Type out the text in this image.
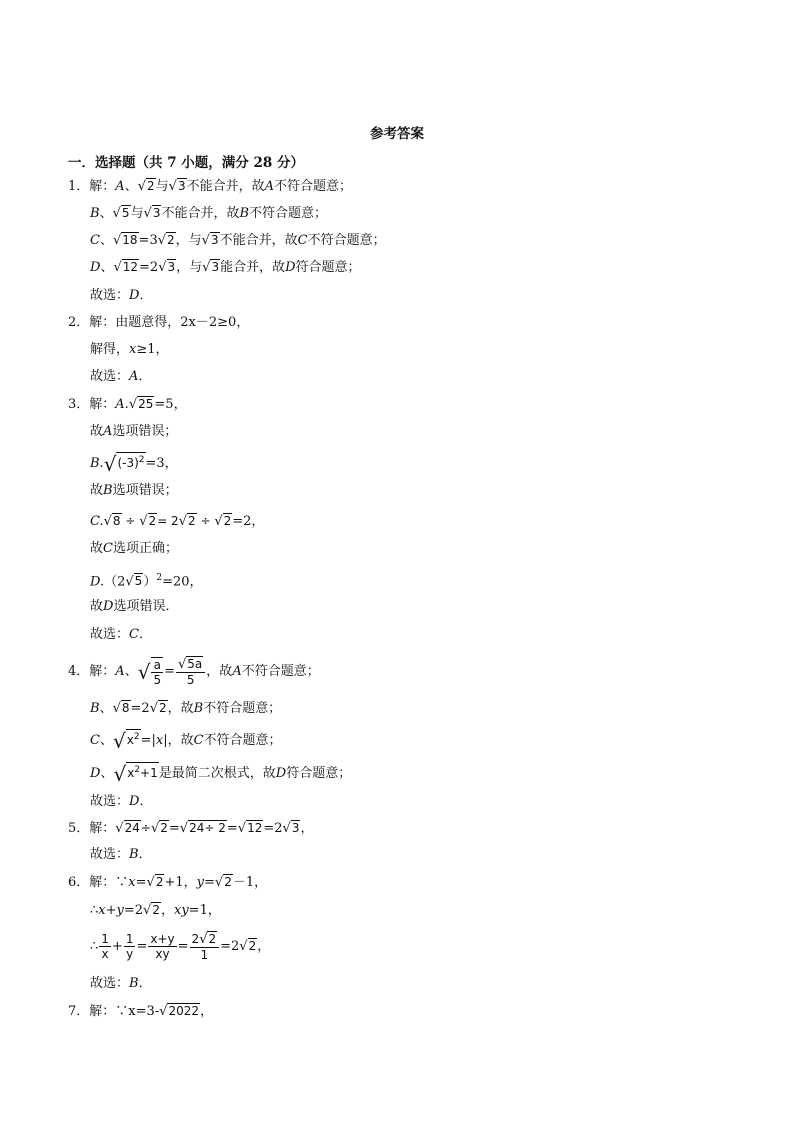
参考答案
一．选择题（共 7 小题，满分 28 分）
1．解：A、√2与√3不能合并，故A不符合题意；
B、√5与√3不能合并，故B不符合题意；
C、√18=3√2，与√3不能合并，故C不符合题意；
D、√12=2√3，与√3能合并，故D符合题意；
故选：D．
2．解：由题意得，2x－2≥0，
解得，x≥1，
故选：A．
3．解：A.√25=5，
故A选项错误；
$B.√(-3)^2=3$，
故B选项错误；
C.√8 ÷ √2= 2√2 ÷ √2=2，
故C选项正确；
$D.(2√5)^2=20$，
故D选项错误．
故选：C．
4．解：A、√ $\frac{a}{5} = \frac{√5a}{5}$ ，故A不符合题意；
B、√8=2√2，故B不符合题意；
C、$√x^2=|x|$，故C不符合题意；
D、$√x^2+1$是最简二次根式，故D符合题意；
故选：D．
5．解：√24÷√2=√24÷ 2=√12=2√3，
故选：B．
6．解：∵x=√2+1，y=√2－1，
∴x+y=2√2，xy=1，
∴ $\frac{1}{x} + \frac{1}{y} = \frac{x+y}{xy} = \frac{2√2}{1} =2√2$，
故选：B．
7．解：∵x=3-√2022，
